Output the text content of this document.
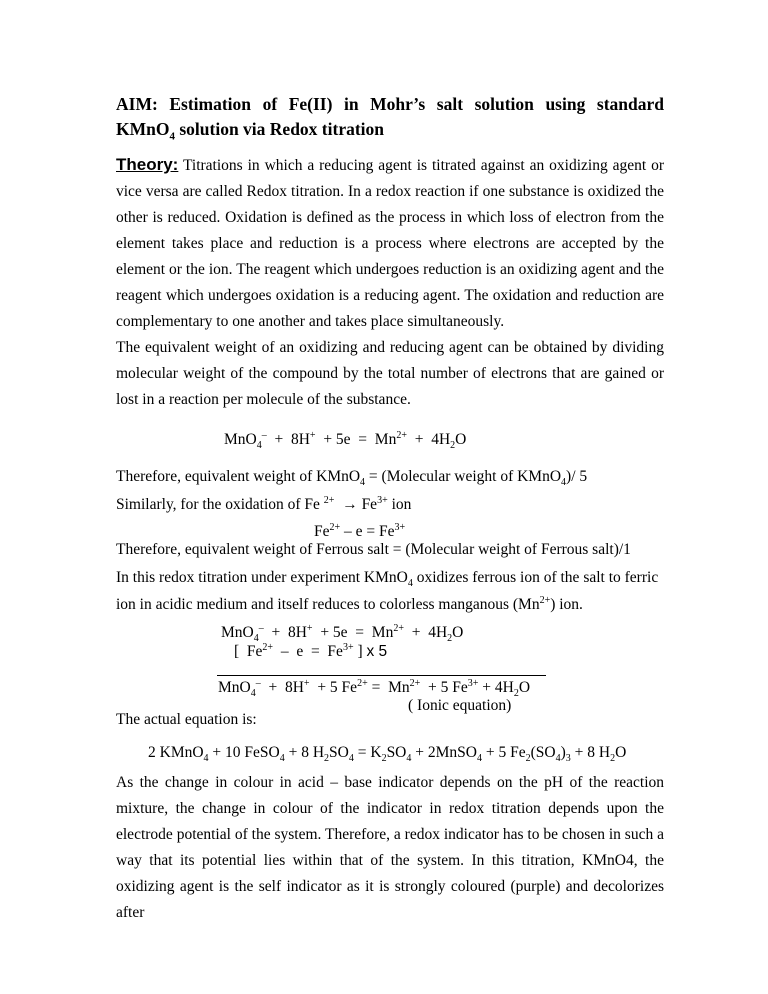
AIM: Estimation of Fe(II) in Mohr’s salt solution using standard
KMnO$_4$ solution via Redox titration

Theory: Titrations in which a reducing agent is titrated against an oxidizing agent or vice versa are called Redox titration. In a redox reaction if one substance is oxidized the other is reduced. Oxidation is defined as the process in which loss of electron from the element takes place and reduction is a process where electrons are accepted by the element or the ion. The reagent which undergoes reduction is an oxidizing agent and the reagent which undergoes oxidation is a reducing agent. The oxidation and reduction are complementary to one another and takes place simultaneously.

The equivalent weight of an oxidizing and reducing agent can be obtained by dividing molecular weight of the compound by the total number of electrons that are gained or lost in a reaction per molecule of the substance.

$MnO_4^- + 8H^+ + 5e = Mn^{2+} + 4H_2O$
Therefore, equivalent weight of KMnO$_4$ = (Molecular weight of KMnO$_4$)/ 5
Similarly, for the oxidation of Fe $^{2+} \to Fe^{3+}$ ion
$Fe^{2+} - e = Fe^{3+}$
Therefore, equivalent weight of Ferrous salt = (Molecular weight of Ferrous salt)/1
In this redox titration under experiment KMnO$_4$ oxidizes ferrous ion of the salt to ferric
ion in acidic medium and itself reduces to colorless manganous $(Mn^{2+})$ ion.
$MnO_4^- + 8H^+ + 5e = Mn^{2+} + 4H_2O$
[  $Fe^{2+} - e = Fe^{3+}$ ] x 5
MnO$_4$–  +  8H+  + 5 $Fe^{2+} = Mn^{2+} + 5$ $Fe^{3+} + 4H_2O$
( Ionic equation)
The actual equation is:
2 KMnO$_4$ + 10 FeSO$_4$ + 8 $H_2SO_4 = K_2SO_4$ + 2MnSO$_4$ + 5 $Fe_2(SO_4)_3 + 8$ $H_2O$

As the change in colour in acid – base indicator depends on the pH of the reaction mixture, the change in colour of the indicator in redox titration depends upon the electrode potential of the system. Therefore, a redox indicator has to be chosen in such a way that its potential lies within that of the system. In this titration, KMnO4, the oxidizing agent is the self indicator as it is strongly coloured (purple) and decolorizes after
